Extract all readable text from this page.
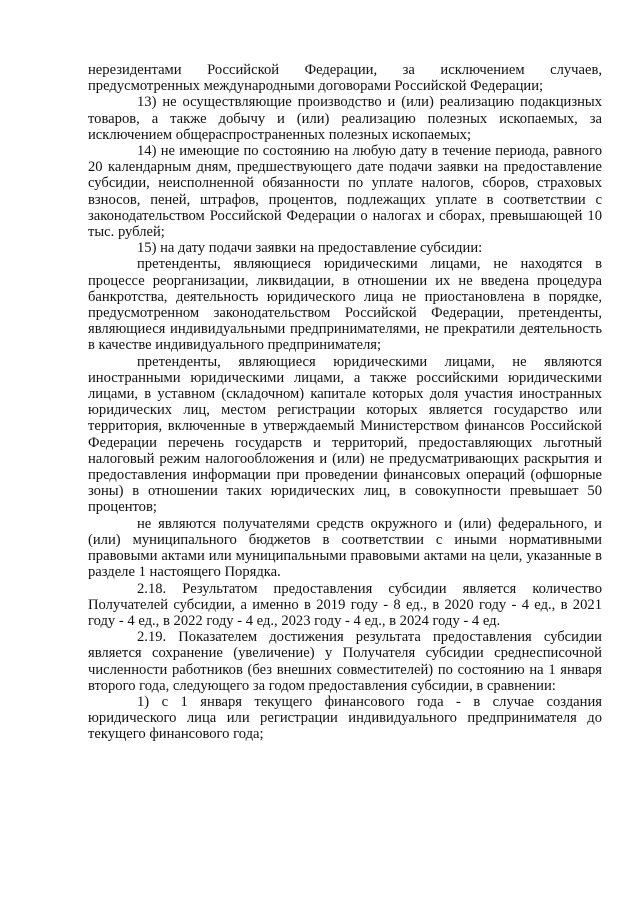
нерезидентами Российской Федерации, за исключением случаев, предусмотренных международными договорами Российской Федерации;

13) не осуществляющие производство и (или) реализацию подакцизных товаров, а также добычу и (или) реализацию полезных ископаемых, за исключением общераспространенных полезных ископаемых;

14) не имеющие по состоянию на любую дату в течение периода, равного 20 календарным дням, предшествующего дате подачи заявки на предоставление субсидии, неисполненной обязанности по уплате налогов, сборов, страховых взносов, пеней, штрафов, процентов, подлежащих уплате в соответствии с законодательством Российской Федерации о налогах и сборах, превышающей 10 тыс. рублей;

15) на дату подачи заявки на предоставление субсидии:

претенденты, являющиеся юридическими лицами, не находятся в процессе реорганизации, ликвидации, в отношении их не введена процедура банкротства, деятельность юридического лица не приостановлена в порядке, предусмотренном законодательством Российской Федерации, претенденты, являющиеся индивидуальными предпринимателями, не прекратили деятельность в качестве индивидуального предпринимателя;

претенденты, являющиеся юридическими лицами, не являются иностранными юридическими лицами, а также российскими юридическими лицами, в уставном (складочном) капитале которых доля участия иностранных юридических лиц, местом регистрации которых является государство или территория, включенные в утверждаемый Министерством финансов Российской Федерации перечень государств и территорий, предоставляющих льготный налоговый режим налогообложения и (или) не предусматривающих раскрытия и предоставления информации при проведении финансовых операций (офшорные зоны) в отношении таких юридических лиц, в совокупности превышает 50 процентов;

не являются получателями средств окружного и (или) федерального, и (или) муниципального бюджетов в соответствии с иными нормативными правовыми актами или муниципальными правовыми актами на цели, указанные в разделе 1 настоящего Порядка.

2.18. Результатом предоставления субсидии является количество Получателей субсидии, а именно в 2019 году - 8 ед., в 2020 году - 4 ед., в 2021 году - 4 ед., в 2022 году - 4 ед., 2023 году - 4 ед., в 2024 году - 4 ед.

2.19. Показателем достижения результата предоставления субсидии является сохранение (увеличение) у Получателя субсидии среднесписочной численности работников (без внешних совместителей) по состоянию на 1 января второго года, следующего за годом предоставления субсидии, в сравнении:

1) с 1 января текущего финансового года - в случае создания юридического лица или регистрации индивидуального предпринимателя до текущего финансового года;
